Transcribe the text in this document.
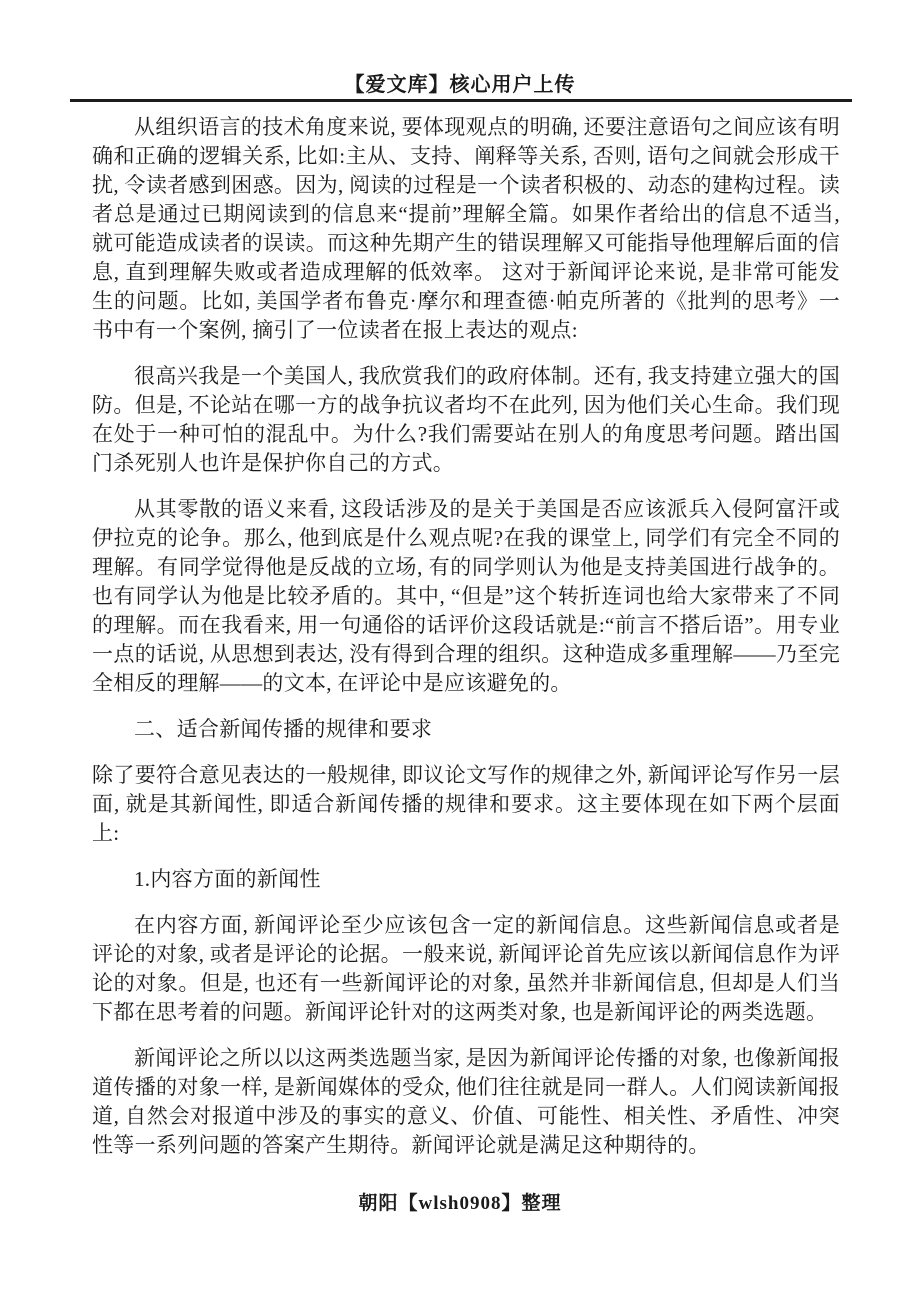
【爱文库】核心用户上传
从组织语言的技术角度来说, 要体现观点的明确, 还要注意语句之间应该有明确和正确的逻辑关系, 比如:主从、支持、阐释等关系, 否则, 语句之间就会形成干扰, 令读者感到困惑。因为, 阅读的过程是一个读者积极的、动态的建构过程。读者总是通过已期阅读到的信息来“提前”理解全篇。如果作者给出的信息不适当, 就可能造成读者的误读。而这种先期产生的错误理解又可能指导他理解后面的信息, 直到理解失败或者造成理解的低效率。 这对于新闻评论来说, 是非常可能发生的问题。比如, 美国学者布鲁克·摩尔和理查德·帕克所著的《批判的思考》一书中有一个案例, 摘引了一位读者在报上表达的观点:
很高兴我是一个美国人, 我欣赏我们的政府体制。还有, 我支持建立强大的国防。但是, 不论站在哪一方的战争抗议者均不在此列, 因为他们关心生命。我们现在处于一种可怕的混乱中。为什么?我们需要站在别人的角度思考问题。踏出国门杀死别人也许是保护你自己的方式。
从其零散的语义来看, 这段话涉及的是关于美国是否应该派兵入侵阿富汗或伊拉克的论争。那么, 他到底是什么观点呢?在我的课堂上, 同学们有完全不同的理解。有同学觉得他是反战的立场, 有的同学则认为他是支持美国进行战争的。也有同学认为他是比较矛盾的。其中, “但是”这个转折连词也给大家带来了不同的理解。而在我看来, 用一句通俗的话评价这段话就是:“前言不搭后语”。用专业一点的话说, 从思想到表达, 没有得到合理的组织。这种造成多重理解——乃至完全相反的理解——的文本, 在评论中是应该避免的。
二、适合新闻传播的规律和要求
除了要符合意见表达的一般规律, 即议论文写作的规律之外, 新闻评论写作另一层面, 就是其新闻性, 即适合新闻传播的规律和要求。这主要体现在如下两个层面上:
1.内容方面的新闻性
在内容方面, 新闻评论至少应该包含一定的新闻信息。这些新闻信息或者是评论的对象, 或者是评论的论据。一般来说, 新闻评论首先应该以新闻信息作为评论的对象。但是, 也还有一些新闻评论的对象, 虽然并非新闻信息, 但却是人们当下都在思考着的问题。新闻评论针对的这两类对象, 也是新闻评论的两类选题。
新闻评论之所以以这两类选题当家, 是因为新闻评论传播的对象, 也像新闻报道传播的对象一样, 是新闻媒体的受众, 他们往往就是同一群人。人们阅读新闻报道, 自然会对报道中涉及的事实的意义、价值、可能性、相关性、矛盾性、冲突性等一系列问题的答案产生期待。新闻评论就是满足这种期待的。
朝阳【wlsh0908】整理
